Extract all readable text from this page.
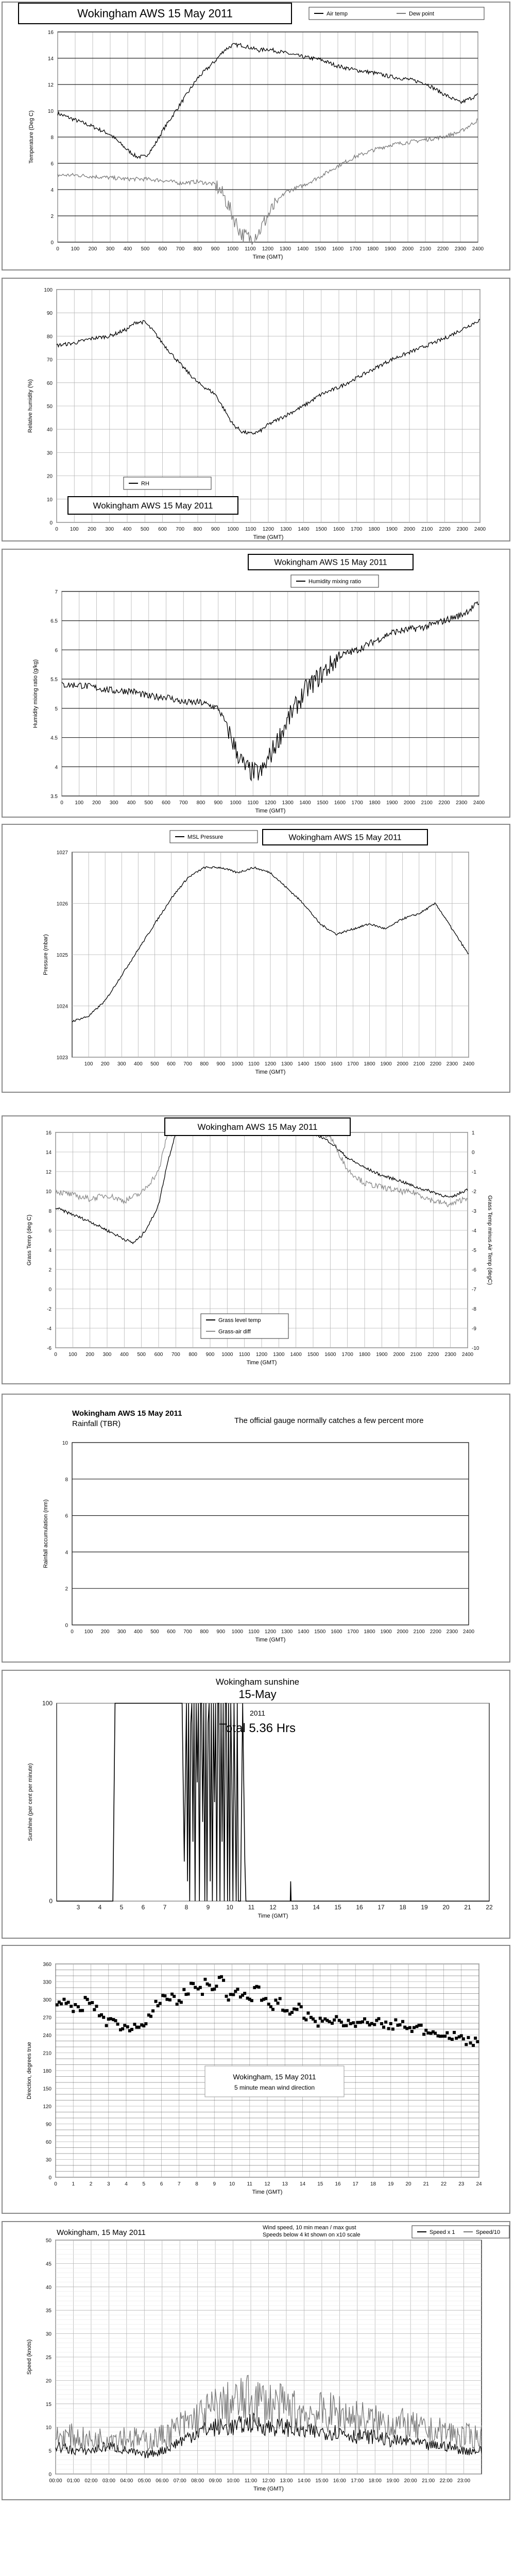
0 100 200 300 400 500 600 700 800 900 1000 1100 1200 1300 1400 1500 1600 1700 1800 1900 2000 2100 2200 2300 2400
0
2
4
6
8
10
12
14
16
Time (GMT)
Temperature (Deg C)
Air temp	Dew point
0 100 200 300 400 500 600 700 800 900 1000 1100 1200 1300 1400 1500 1600 1700 1800 1900 2000 2100 2200 2300 2400
0
10
20
30
40
50
60
70
80
90
100
Time (GMT)
Relative humidity (%)
RH
0 100 200 300 400 500 600 700 800 900 1000 1100 1200 1300 1400 1500 1600 1700 1800 1900 2000 2100 2200 2300 2400
3.5
4
4.5
5
5.5
6
6.5
7
Time (GMT)
Humidity mixing ratio (g/kg)
Humidity mixing ratio
100 200 300 400 500 600 700 800 900 1000 1100 1200 1300 1400 1500 1600 1700 1800 1900 2000 2100 2200 2300 2400
1023
1024
1025
1026
1027
Time (GMT)
Pressure (mbar)
MSL Pressure
0 100 200 300 400 500 600 700 800 900 1000 1100 1200 1300 1400 1500 1600 1700 1800 1900 2000 2100 2200 2300 2400
-6
-4
-2
0
2
4
6
8
10
12
14
16
-10
-9
-8
-7
-6
-5
-4
-3
-2
-1
0
1
Time (GMT)
Grass Temp (deg C)	Grass Temp minus Air Temp (degC)
Grass level temp
Grass-air diff
0 100 200 300 400 500 600 700 800 900 1000 1100 1200 1300 1400 1500 1600 1700 1800 1900 2000 2100 2200 2300 2400
0
2
4
6
8
10
Time (GMT)
Rainfall accumulation (mm)
3	4	5	6	7	8	9	10 11 12 13 14 15 16 17 18 19 20 21 22
0
100
Time (GMT)
Sunshine (per cent per minute)
0	1	2	3	4	5	6	7	8	9	10 11 12 13 14 15 16 17 18 19 20 21 22 23 24
0
30
60
90
120
150
180
210
240
270
300
330
360
Time (GMT)
Direction, degrees true
00:00 01:00 02:00 03:00 04:00 05:00 06:00 07:00 08:00 09:00 10:00 11:00 12:00 13:00 14:00 15:00 16:00 17:00 18:00 19:00 20:00 21:00 22:00 23:00
0
5
10
15
20
25
30
35
40
45
50
Time (GMT)
Speed (knots)
Speed x 1	Speed/10
Wokingham AWS 15 May 2011
Wokingham AWS 15 May 2011
Wokingham AWS 15 May 2011
Wokingham AWS 15 May 2011
Wokingham AWS 15 May 2011
Wokingham AWS 15 May 2011
Rainfall (TBR)	The official gauge normally catches a few percent more
Wokingham sunshine
15-May
2011
Total 5.36 Hrs
Wokingham, 15 May 2011
5 minute mean wind direction
Wokingham, 15 May 2011
Wind speed, 10 min mean / max gust
Speeds below 4 kt shown on x10 scale
